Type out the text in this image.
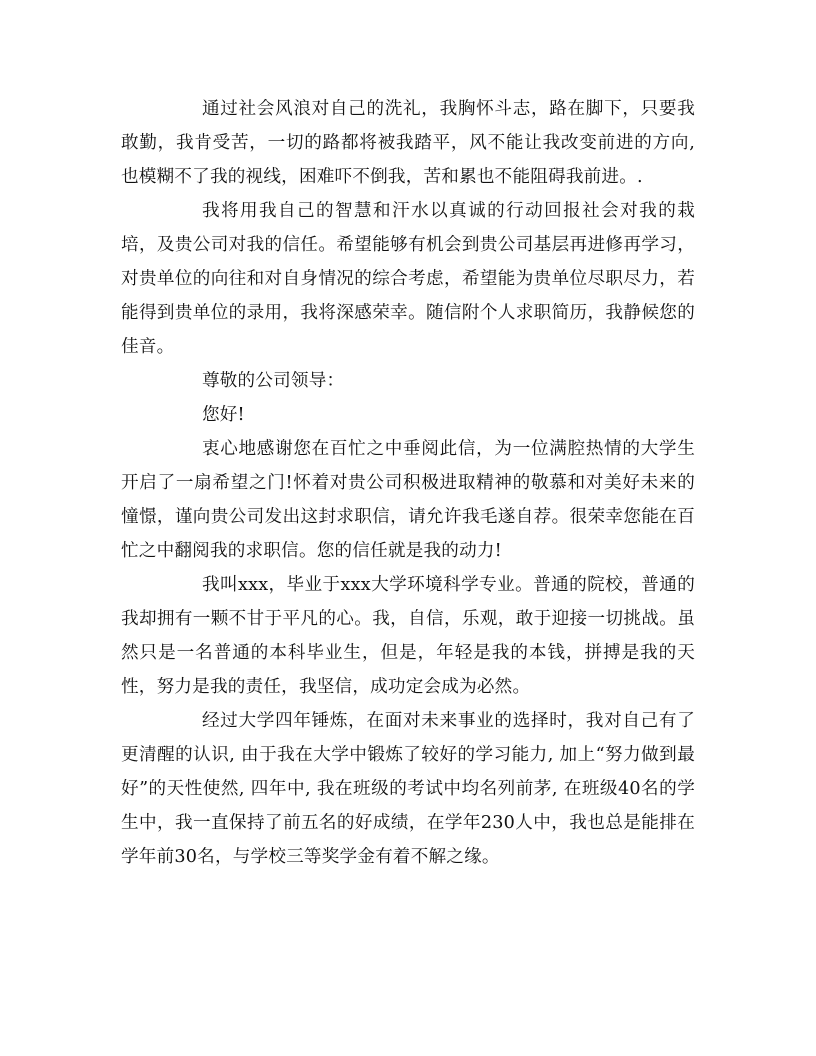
通过社会风浪对自己的洗礼，我胸怀斗志，路在脚下，只要我敢勤，我肯受苦，一切的路都将被我踏平，风不能让我改变前进的方向, 也模糊不了我的视线，困难吓不倒我，苦和累也不能阻碍我前进。.

我将用我自己的智慧和汗水以真诚的行动回报社会对我的栽培，及贵公司对我的信任。希望能够有机会到贵公司基层再进修再学习，对贵单位的向往和对自身情况的综合考虑，希望能为贵单位尽职尽力，若能得到贵单位的录用，我将深感荣幸。随信附个人求职简历，我静候您的佳音。

尊敬的公司领导：

您好!

衷心地感谢您在百忙之中垂阅此信，为一位满腔热情的大学生开启了一扇希望之门!怀着对贵公司积极进取精神的敬慕和对美好未来的憧憬，谨向贵公司发出这封求职信，请允许我毛遂自荐。很荣幸您能在百忙之中翻阅我的求职信。您的信任就是我的动力!

我叫xxx，毕业于xxx大学环境科学专业。普通的院校，普通的我却拥有一颗不甘于平凡的心。我，自信，乐观，敢于迎接一切挑战。虽然只是一名普通的本科毕业生，但是，年轻是我的本钱，拼搏是我的天性，努力是我的责任，我坚信，成功定会成为必然。

经过大学四年锤炼，在面对未来事业的选择时，我对自己有了更清醒的认识, 由于我在大学中锻炼了较好的学习能力, 加上“努力做到最好”的天性使然, 四年中, 我在班级的考试中均名列前茅, 在班级40名的学生中，我一直保持了前五名的好成绩，在学年230人中，我也总是能排在学年前30名，与学校三等奖学金有着不解之缘。
